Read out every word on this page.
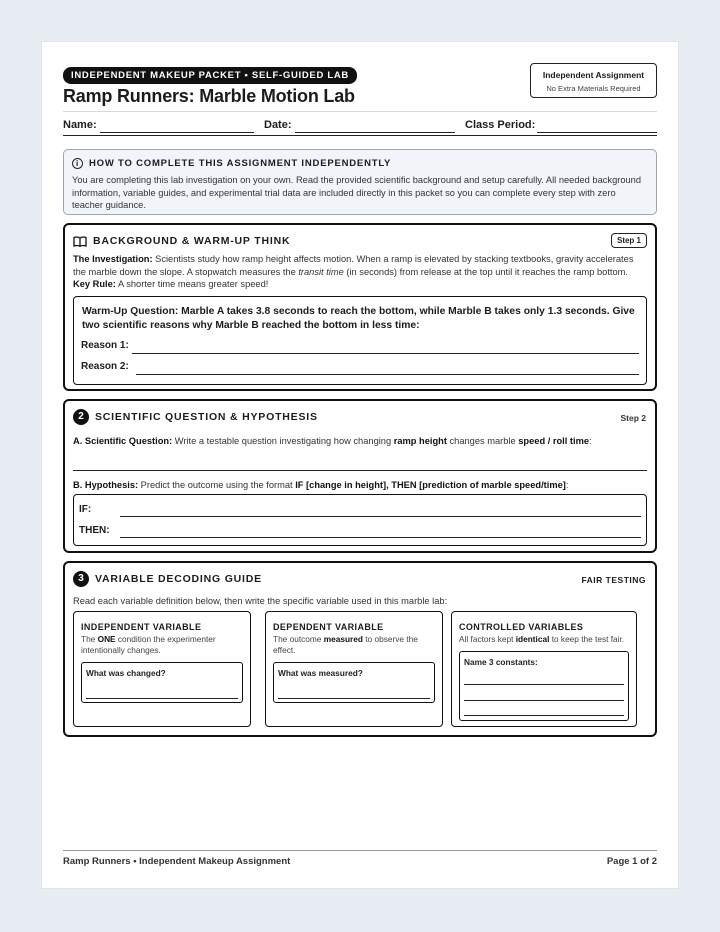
INDEPENDENT MAKEUP PACKET • SELF-GUIDED LAB
Ramp Runners: Marble Motion Lab
Independent Assignment
No Extra Materials Required
Name:	Date:	Class Period:
i	HOW TO COMPLETE THIS ASSIGNMENT INDEPENDENTLY

You are completing this lab investigation on your own. Read the provided scientific background and setup carefully. All needed background information, variable guides, and experimental trial data are included directly in this packet so you can complete every step with zero teacher guidance.

BACKGROUND & WARM-UP THINK	Step 1
The Investigation: Scientists study how ramp height affects motion. When a ramp is elevated by stacking textbooks, gravity accelerates the marble down the slope. A stopwatch measures the transit time (in seconds) from release at the top until it reaches the ramp bottom.
Key Rule: A shorter time means greater speed!
Warm-Up Question: Marble A takes 3.8 seconds to reach the bottom, while Marble B takes only 1.3 seconds. Give two scientific reasons why Marble B reached the bottom in less time:
Reason 1:
Reason 2:
2	SCIENTIFIC QUESTION & HYPOTHESIS	Step 2
A. Scientific Question: Write a testable question investigating how changing ramp height changes marble speed / roll time:
B. Hypothesis: Predict the outcome using the format IF [change in height], THEN [prediction of marble speed/time]:
IF:
THEN:
3	VARIABLE DECODING GUIDE	FAIR TESTING
Read each variable definition below, then write the specific variable used in this marble lab:
INDEPENDENT VARIABLE
The ONE condition the experimenter intentionally changes.
What was changed?
DEPENDENT VARIABLE
The outcome measured to observe the effect.
What was measured?
CONTROLLED VARIABLES
All factors kept identical to keep the test fair.
Name 3 constants:
Ramp Runners • Independent Makeup Assignment	Page 1 of 2
